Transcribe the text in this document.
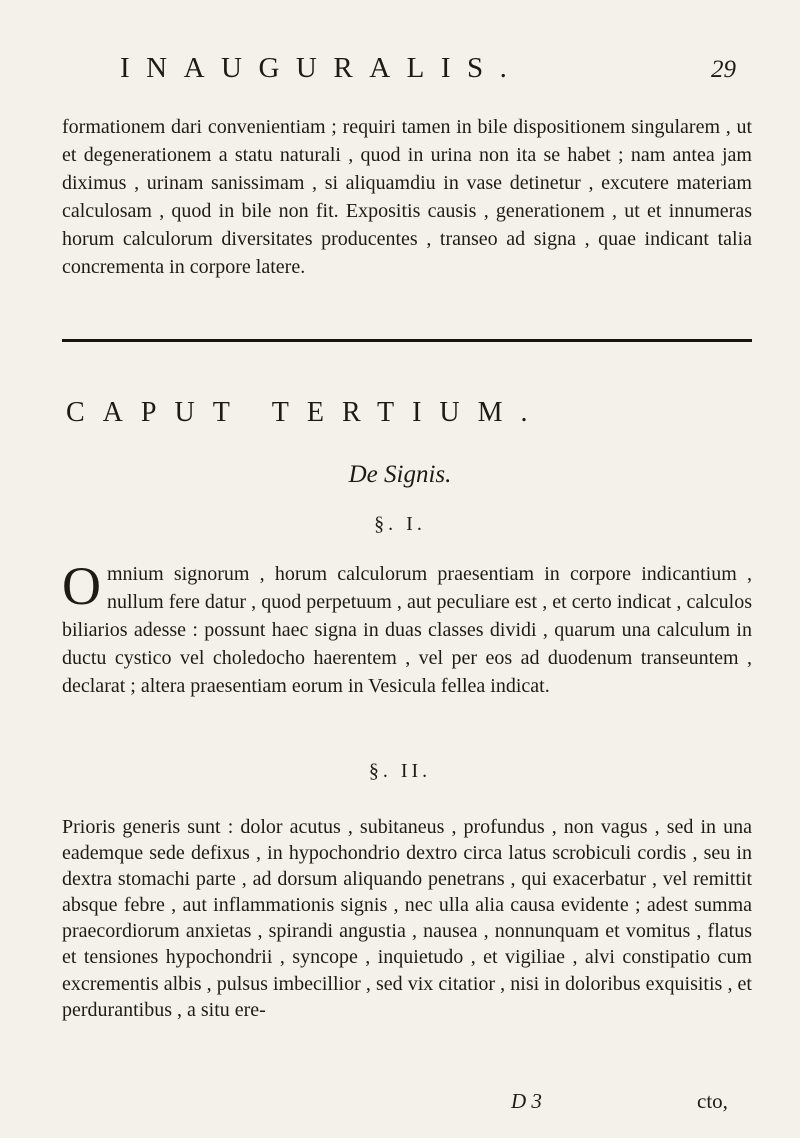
INAUGURALIS.	29
formationem dari convenientiam ; requiri tamen in bile dispositionem singularem , ut et degenerationem a statu naturali , quod in urina non ita se habet ; nam antea jam diximus , urinam sanissimam , si aliquamdiu in vase detinetur , excutere materiam calculosam , quod in bile non fit. Expositis causis , generationem , ut et innumeras horum calculorum diversitates producentes , transeo ad signa , quae indicant talia concrementa in corpore latere.
CAPUT TERTIUM.
De Signis.
§. I.
O mnium signorum , horum calculorum praesentiam in corpore indicantium , nullum fere datur , quod perpetuum , aut peculiare est , et certo indicat , calculos biliarios adesse : possunt haec signa in duas classes dividi , quarum una calculum in ductu cystico vel choledocho haerentem , vel per eos ad duodenum transeuntem , declarat ; altera praesentiam eorum in Vesicula fellea indicat.
§. II.
Prioris generis sunt : dolor acutus , subitaneus , profundus , non vagus , sed in una eademque sede defixus , in hypochondrio dextro circa latus scrobiculi cordis , seu in dextra stomachi parte , ad dorsum aliquando penetrans , qui exacerbatur , vel remittit absque febre , aut inflammationis signis , nec ulla alia causa evidente ; adest summa praecordiorum anxietas , spirandi angustia , nausea , nonnunquam et vomitus , flatus et tensiones hypochondrii , syncope , inquietudo , et vigiliae , alvi constipatio cum excrementis albis , pulsus imbecillior , sed vix citatior , nisi in doloribus exquisitis , et perdurantibus , a situ ere-
D 3	cto,
